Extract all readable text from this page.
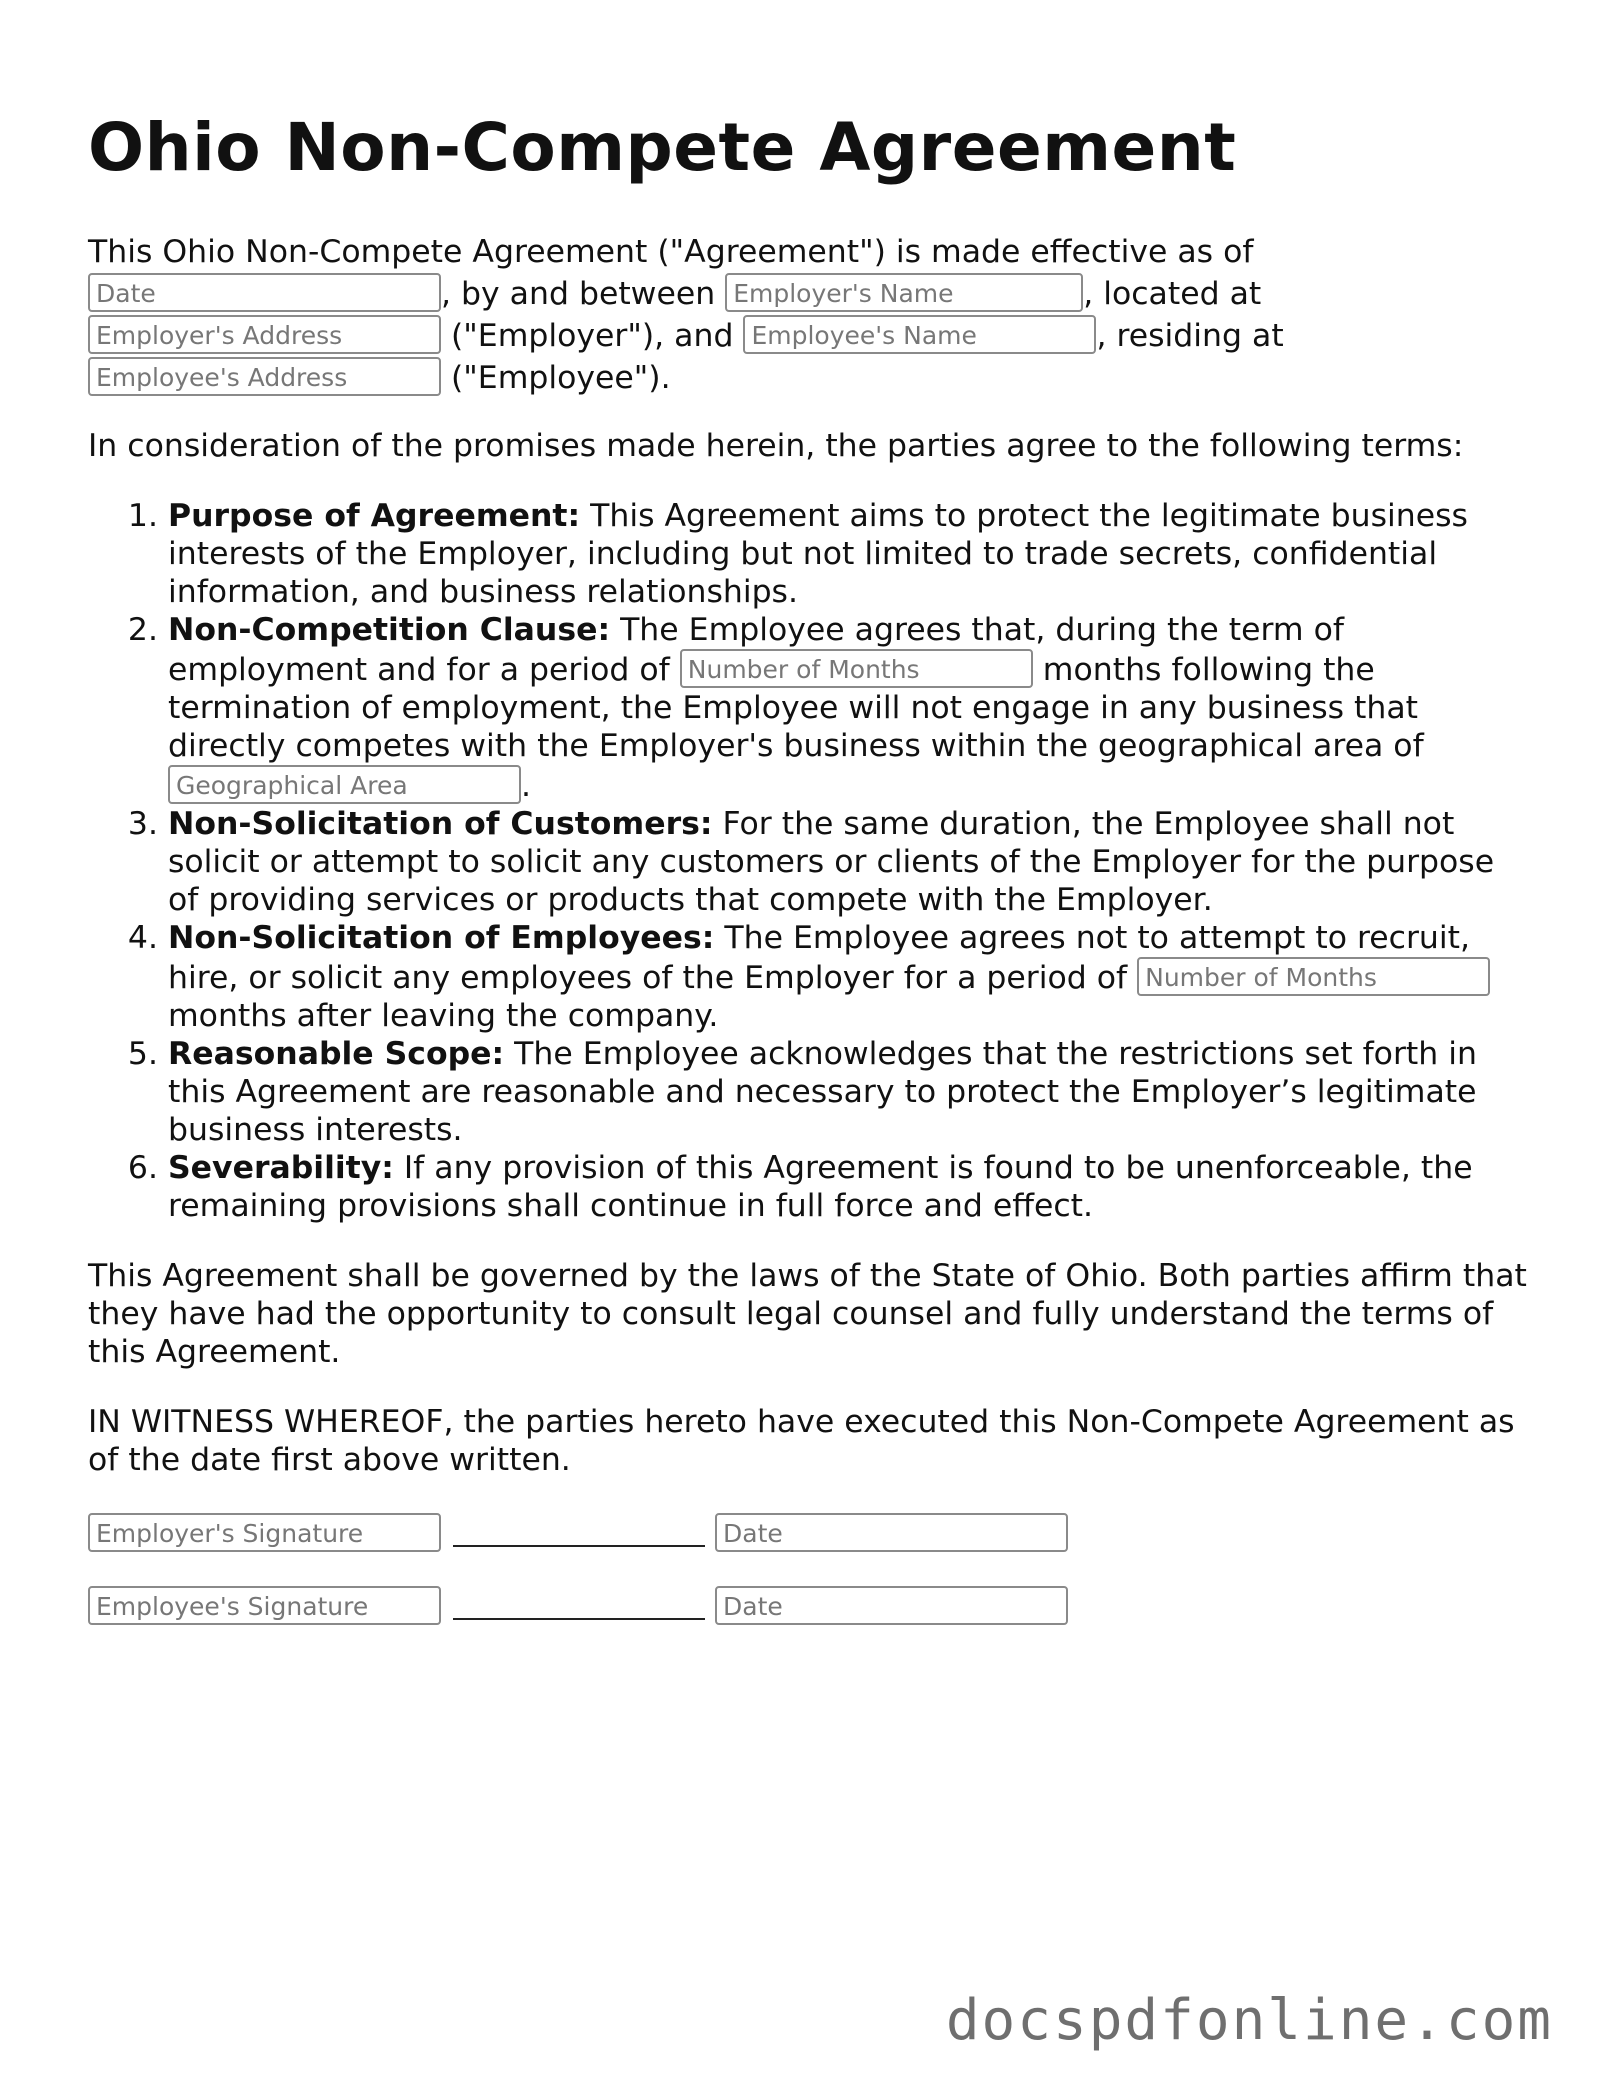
Ohio Non-Compete Agreement

This Ohio Non-Compete Agreement ("Agreement") is made effective as of
Date	, by and between Employer's Name	, located at
Employer's Address	("Employer"), and Employee's Name	, residing at
Employee's Address	("Employee").

In consideration of the promises made herein, the parties agree to the following terms:

1. Purpose of Agreement: This Agreement aims to protect the legitimate business interests of the Employer, including but not limited to trade secrets, confidential information, and business relationships.
2. Non-Competition Clause: The Employee agrees that, during the term of employment and for a period of Number of Months	months following the termination of employment, the Employee will not engage in any business that directly competes with the Employer's business within the geographical area of
Geographical Area	.
3. Non-Solicitation of Customers: For the same duration, the Employee shall not solicit or attempt to solicit any customers or clients of the Employer for the purpose of providing services or products that compete with the Employer.
4. Non-Solicitation of Employees: The Employee agrees not to attempt to recruit, hire, or solicit any employees of the Employer for a period of Number of Months months after leaving the company.
5. Reasonable Scope: The Employee acknowledges that the restrictions set forth in this Agreement are reasonable and necessary to protect the Employer’s legitimate business interests.
6. Severability: If any provision of this Agreement is found to be unenforceable, the remaining provisions shall continue in full force and effect.

This Agreement shall be governed by the laws of the State of Ohio. Both parties affirm that they have had the opportunity to consult legal counsel and fully understand the terms of this Agreement.

IN WITNESS WHEREOF, the parties hereto have executed this Non-Compete Agreement as of the date first above written.

Employer's Signature	Date
Employee's Signature	Date
docspdfonline.com
